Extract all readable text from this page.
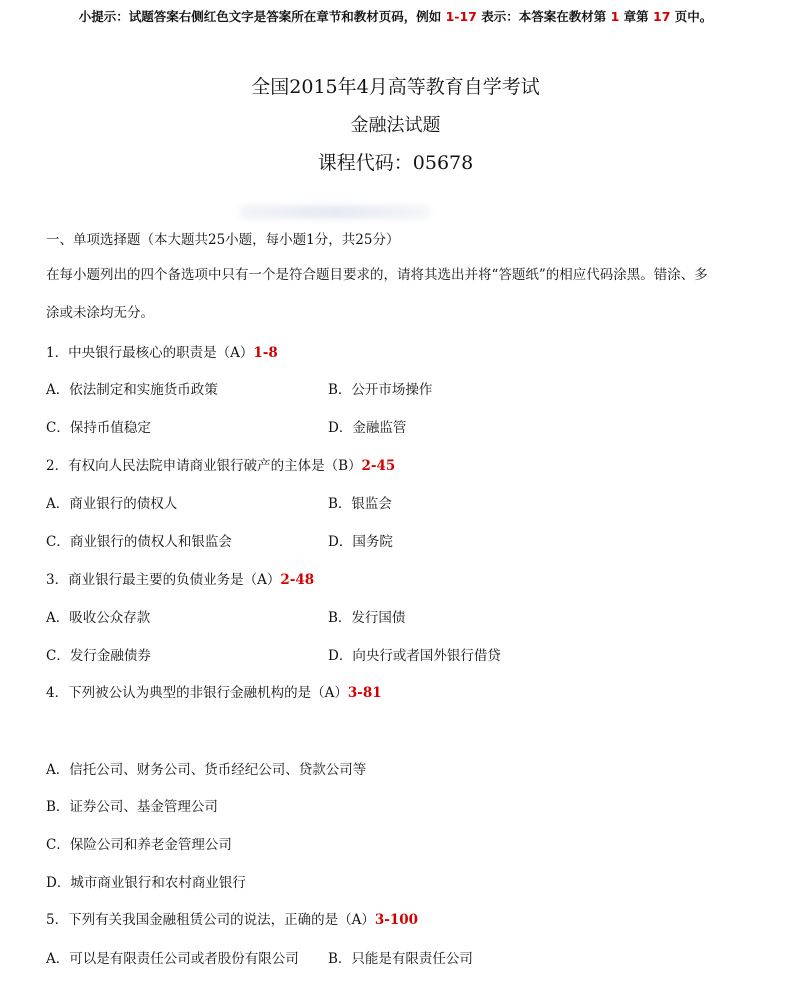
小提示：试题答案右侧红色文字是答案所在章节和教材页码，例如 1-17 表示：本答案在教材第 1 章第 17 页中。
全国2015年4月高等教育自学考试
金融法试题
课程代码：05678
一、单项选择题（本大题共25小题，每小题1分，共25分）
在每小题列出的四个备选项中只有一个是符合题目要求的，请将其选出并将“答题纸”的相应代码涂黑。错涂、多
涂或未涂均无分。
1．中央银行最核心的职责是（A）1-8
A．依法制定和实施货币政策	B．公开市场操作
C．保持币值稳定	D．金融监管
2．有权向人民法院申请商业银行破产的主体是（B）2-45
A．商业银行的债权人	B．银监会
C．商业银行的债权人和银监会	D．国务院
3．商业银行最主要的负债业务是（A）2-48
A．吸收公众存款	B．发行国债
C．发行金融债券	D．向央行或者国外银行借贷
4．下列被公认为典型的非银行金融机构的是（A）3-81
A．信托公司、财务公司、货币经纪公司、贷款公司等
B．证券公司、基金管理公司
C．保险公司和养老金管理公司
D．城市商业银行和农村商业银行
5．下列有关我国金融租赁公司的说法，正确的是（A）3-100
A．可以是有限责任公司或者股份有限公司 B．只能是有限责任公司
